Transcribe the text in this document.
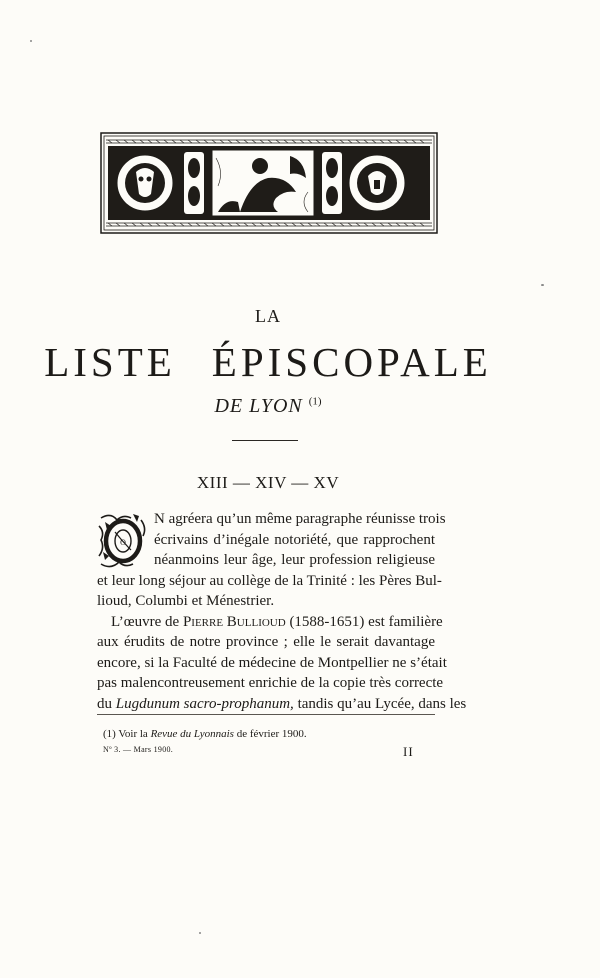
LA
LISTE ÉPISCOPALE
DE LYON $^{(1)}$
XIII — XIV — XV
O
N agréera qu’un même paragraphe réunisse trois
écrivains d’inégale notoriété, que rapprochent
néanmoins leur âge, leur profession religieuse
et leur long séjour au collège de la Trinité : les Pères Bul-
lioud, Columbi et Ménestrier.
L’œuvre de Pierre Bullioud (1588-1651) est familière
aux érudits de notre province ; elle le serait davantage
encore, si la Faculté de médecine de Montpellier ne s’était
pas malencontreusement enrichie de la copie très correcte
du Lugdunum sacro-prophanum, tandis qu’au Lycée, dans les
(1) Voir la Revue du Lyonnais de février 1900.
Nº 3. — Mars 1900.	II
